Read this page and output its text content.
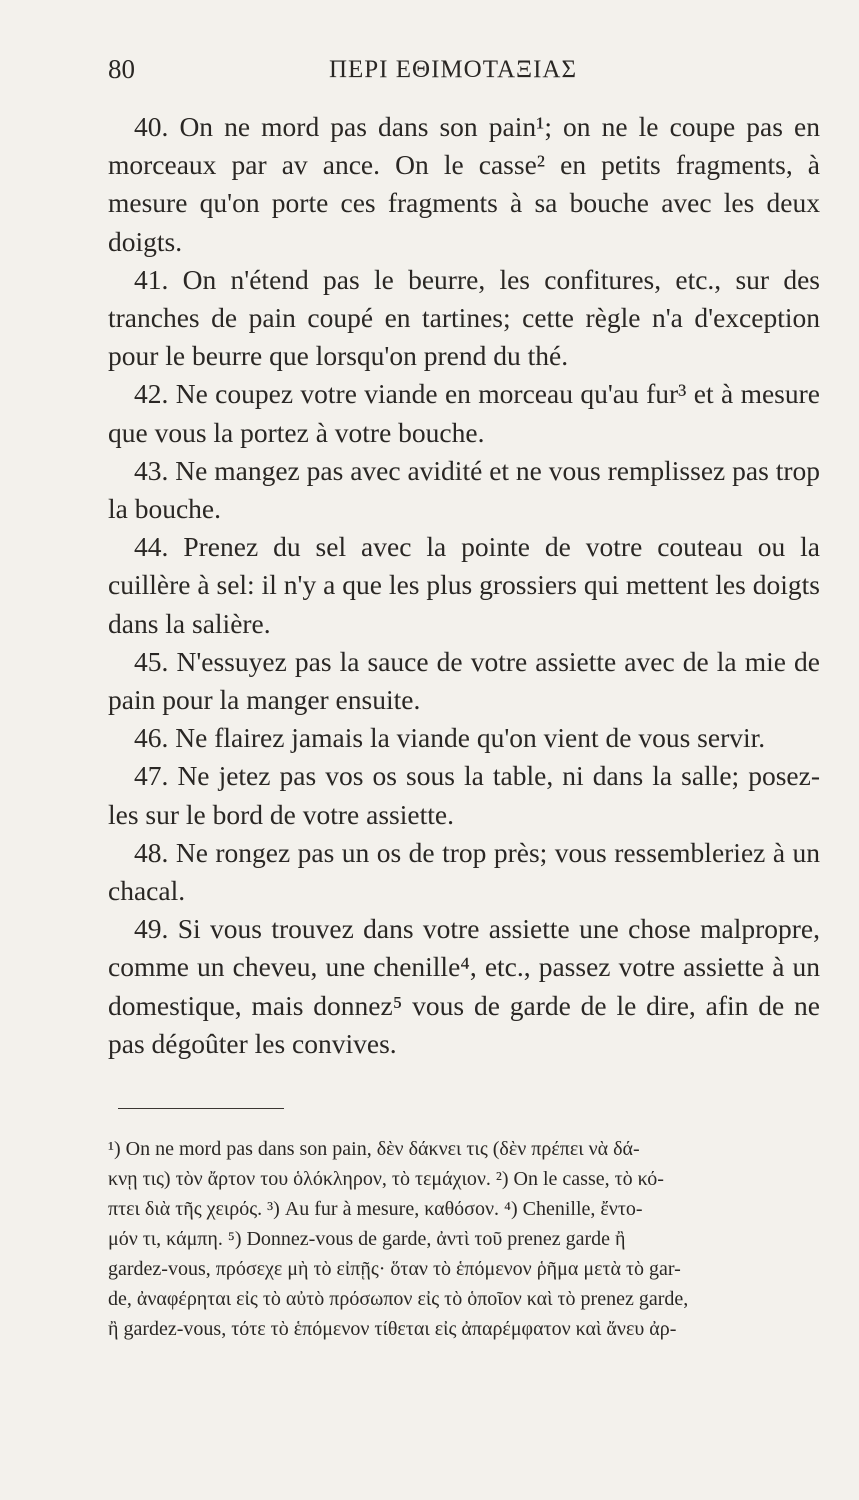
80	ΠΕΡΙ ΕΘΙΜΟΤΑΞΙΑΣ

40. On ne mord pas dans son pain¹; on ne le coupe pas en morceaux par av ance. On le casse² en petits fragments, à mesure qu'on porte ces fragments à sa bouche avec les deux doigts.

41. On n'étend pas le beurre, les confitures, etc., sur des tranches de pain coupé en tartines; cette règle n'a d'exception pour le beurre que lorsqu'on prend du thé.

42. Ne coupez votre viande en morceau qu'au fur³ et à mesure que vous la portez à votre bouche.

43. Ne mangez pas avec avidité et ne vous remplissez pas trop la bouche.

44. Prenez du sel avec la pointe de votre couteau ou la cuillère à sel: il n'y a que les plus grossiers qui mettent les doigts dans la salière.

45. N'essuyez pas la sauce de votre assiette avec de la mie de pain pour la manger ensuite.

46. Ne flairez jamais la viande qu'on vient de vous servir.

47. Ne jetez pas vos os sous la table, ni dans la salle; posez-les sur le bord de votre assiette.

48. Ne rongez pas un os de trop près; vous ressembleriez à un chacal.

49. Si vous trouvez dans votre assiette une chose malpropre, comme un cheveu, une chenille⁴, etc., passez votre assiette à un domestique, mais donnez⁵ vous de garde de le dire, afin de ne pas dégoûter les convives.

¹) On ne mord pas dans son pain, δὲν δάκνει τις (δὲν πρέπει νὰ δά-
κνῃ τις) τὸν ἄρτον του ὁλόκληρον, τὸ τεμάχιον. ²) On le casse, τὸ κό-
πτει διὰ τῆς χειρός. ³) Au fur à mesure, καθόσον. ⁴) Chenille, ἔντο-
μόν τι, κάμπη. ⁵) Donnez-vous de garde, ἀντὶ τοῦ prenez garde ἢ
gardez-vous, πρόσεχε μὴ τὸ εἰπῇς· ὅταν τὸ ἑπόμενον ῥῆμα μετὰ τὸ gar-
de, ἀναφέρηται εἰς τὸ αὐτὸ πρόσωπον εἰς τὸ ὁποῖον καὶ τὸ prenez garde,
ἢ gardez-vous, τότε τὸ ἑπόμενον τίθεται εἰς ἀπαρέμφατον καὶ ἄνευ ἀρ-
